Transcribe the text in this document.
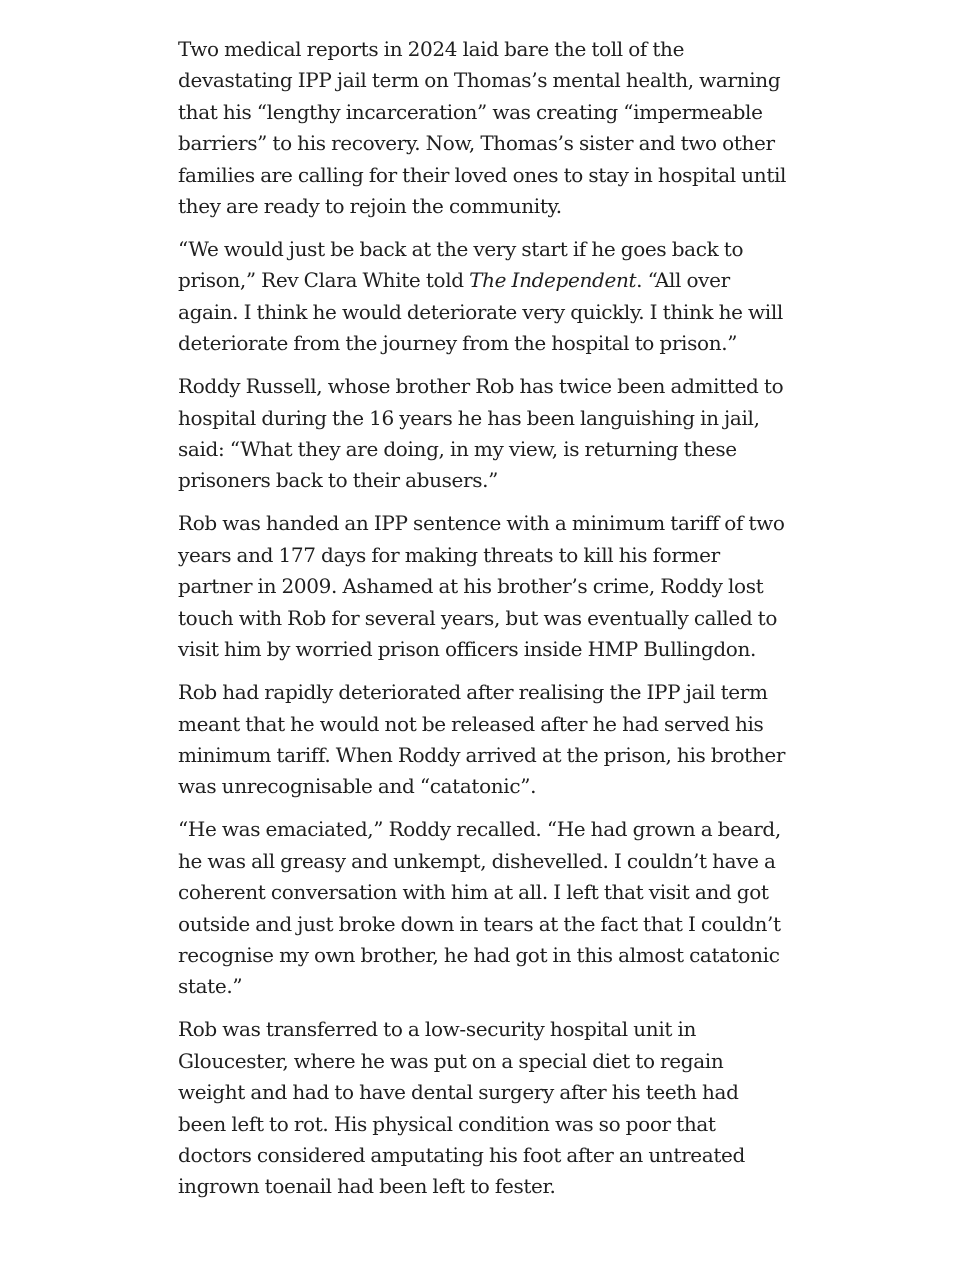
Two medical reports in 2024 laid bare the toll of the devastating IPP jail term on Thomas’s mental health, warning that his “lengthy incarceration” was creating “impermeable barriers” to his recovery. Now, Thomas’s sister and two other families are calling for their loved ones to stay in hospital until they are ready to rejoin the community.

“We would just be back at the very start if he goes back to prison,” Rev Clara White told The Independent. “All over again. I think he would deteriorate very quickly. I think he will deteriorate from the journey from the hospital to prison.”

Roddy Russell, whose brother Rob has twice been admitted to hospital during the 16 years he has been languishing in jail, said: “What they are doing, in my view, is returning these prisoners back to their abusers.”

Rob was handed an IPP sentence with a minimum tariff of two years and 177 days for making threats to kill his former partner in 2009. Ashamed at his brother’s crime, Roddy lost touch with Rob for several years, but was eventually called to visit him by worried prison officers inside HMP Bullingdon.

Rob had rapidly deteriorated after realising the IPP jail term meant that he would not be released after he had served his minimum tariff. When Roddy arrived at the prison, his brother was unrecognisable and “catatonic”.

“He was emaciated,” Roddy recalled. “He had grown a beard, he was all greasy and unkempt, dishevelled. I couldn’t have a coherent conversation with him at all. I left that visit and got outside and just broke down in tears at the fact that I couldn’t recognise my own brother, he had got in this almost catatonic state.”

Rob was transferred to a low-security hospital unit in Gloucester, where he was put on a special diet to regain weight and had to have dental surgery after his teeth had been left to rot. His physical condition was so poor that doctors considered amputating his foot after an untreated ingrown toenail had been left to fester.
